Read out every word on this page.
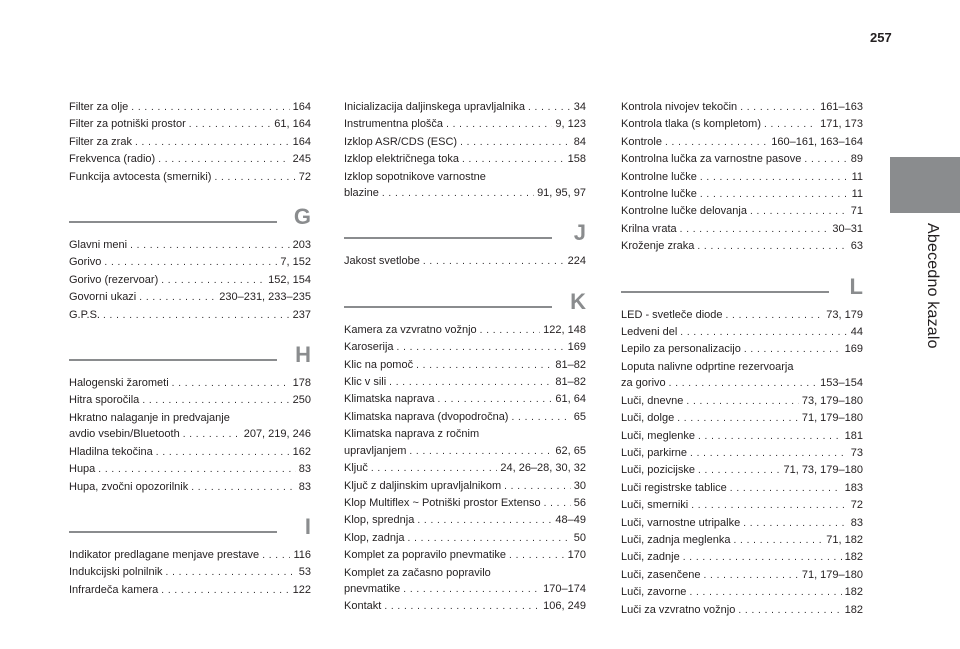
257
Abecedno kazalo
Filter za olje . . .	164
Filter za potniški prostor . . .	61, 164
Filter za zrak . . .	164
Frekvenca (radio) . . .	245
Funkcija avtocesta (smerniki) . . .	72
G
Glavni meni . . .	203
Gorivo . . .	7, 152
Gorivo (rezervoar) . . .	152, 154
Govorni ukazi . . .	230–231, 233–235
G.P.S. . . .	237
H
Halogenski žarometi . . .	178
Hitra sporočila . . .	250
Hkratno nalaganje in predvajanje
avdio vsebin/Bluetooth . . .	207, 219, 246
Hladilna tekočina . . .	162
Hupa . . .	83
Hupa, zvočni opozorilnik . . .	83
I
Indikator predlagane menjave prestave . . .	116
Indukcijski polnilnik . . .	53
Infrardeča kamera . . .	122
Inicializacija daljinskega upravljalnika . . .	34
Instrumentna plošča . . .	9, 123
Izklop ASR/CDS (ESC) . . .	84
Izklop električnega toka . . .	158
Izklop sopotnikove varnostne
blazine . . .	91, 95, 97
J
Jakost svetlobe . . .	224
K
Kamera za vzvratno vožnjo . . .	122, 148
Karoserija . . .	169
Klic na pomoč . . .	81–82
Klic v sili . . .	81–82
Klimatska naprava . . .	61, 64
Klimatska naprava (dvopodročna) . . .	65
Klimatska naprava z ročnim
upravljanjem . . .	62, 65
Ključ . . .	24, 26–28, 30, 32
Ključ z daljinskim upravljalnikom . . .	30
Klop Multiflex ~ Potniški prostor Extenso . . .	56
Klop, sprednja . . .	48–49
Klop, zadnja . . .	50
Komplet za popravilo pnevmatike . . .	170
Komplet za začasno popravilo
pnevmatike . . .	170–174
Kontakt . . .	106, 249
Kontrola nivojev tekočin . . .	161–163
Kontrola tlaka (s kompletom) . . .	171, 173
Kontrole . . .	160–161, 163–164
Kontrolna lučka za varnostne pasove . . .	89
Kontrolne lučke . . .	11
Kontrolne lučke . . .	11
Kontrolne lučke delovanja . . .	71
Krilna vrata . . .	30–31
Kroženje zraka . . .	63
L
LED - svetleče diode . . .	73, 179
Ledveni del . . .	44
Lepilo za personalizacijo . . .	169
Loputa nalivne odprtine rezervoarja
za gorivo . . .	153–154
Luči, dnevne . . .	73, 179–180
Luči, dolge . . .	71, 179–180
Luči, meglenke . . .	181
Luči, parkirne . . .	73
Luči, pozicijske . . .	71, 73, 179–180
Luči registrske tablice . . .	183
Luči, smerniki . . .	72
Luči, varnostne utripalke . . .	83
Luči, zadnja meglenka . . .	71, 182
Luči, zadnje . . .	182
Luči, zasenčene . . .	71, 179–180
Luči, zavorne . . .	182
Luči za vzvratno vožnjo . . .	182
